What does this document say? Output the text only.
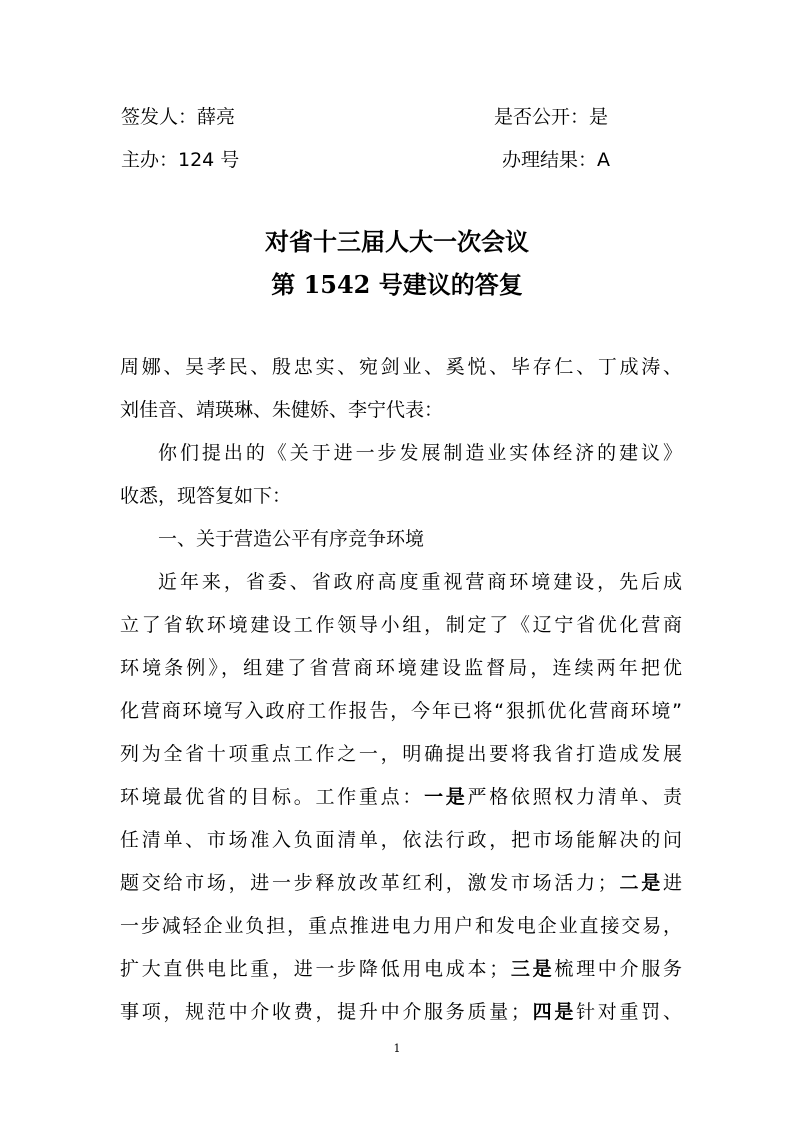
签发人：薛亮	是否公开：是
主办：124 号	办理结果：A
对省十三届人大一次会议
第 1542 号建议的答复
周娜、吴孝民、殷忠实、宛剑业、奚悦、毕存仁、丁成涛、
刘佳音、靖瑛琳、朱健娇、李宁代表：
你们提出的《关于进一步发展制造业实体经济的建议》
收悉，现答复如下：
一、关于营造公平有序竞争环境
近年来，省委、省政府高度重视营商环境建设，先后成
立了省软环境建设工作领导小组，制定了《辽宁省优化营商
环境条例》，组建了省营商环境建设监督局，连续两年把优
化营商环境写入政府工作报告，今年已将“狠抓优化营商环境”
列为全省十项重点工作之一，明确提出要将我省打造成发展
环境最优省的目标。工作重点：一是严格依照权力清单、责
任清单、市场准入负面清单，依法行政，把市场能解决的问
题交给市场，进一步释放改革红利，激发市场活力；二是进
一步减轻企业负担，重点推进电力用户和发电企业直接交易，
扩大直供电比重，进一步降低用电成本；三是梳理中介服务
事项，规范中介收费，提升中介服务质量；四是针对重罚、
1
